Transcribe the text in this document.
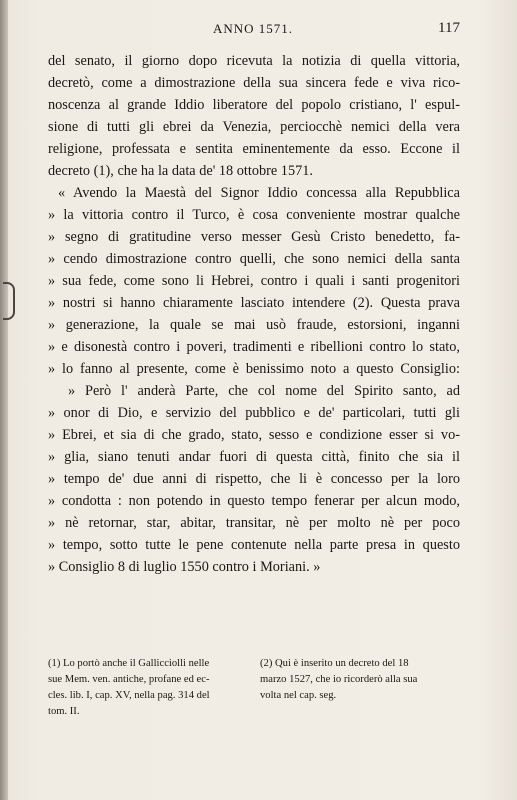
ANNO 1571.	117
del senato, il giorno dopo ricevuta la notizia di quella vittoria,
decretò, come a dimostrazione della sua sincera fede e viva rico-
noscenza al grande Iddio liberatore del popolo cristiano, l' espul-
sione di tutti gli ebrei da Venezia, perciocchè nemici della vera
religione, professata e sentita eminentemente da esso. Eccone il
decreto (1), che ha la data de' 18 ottobre 1571.
« Avendo la Maestà del Signor Iddio concessa alla Repubblica
» la vittoria contro il Turco, è cosa conveniente mostrar qualche
» segno di gratitudine verso messer Gesù Cristo benedetto, fa-
» cendo dimostrazione contro quelli, che sono nemici della santa
» sua fede, come sono li Hebrei, contro i quali i santi progenitori
» nostri si hanno chiaramente lasciato intendere (2). Questa prava
» generazione, la quale se mai usò fraude, estorsioni, inganni
» e disonestà contro i poveri, tradimenti e ribellioni contro lo stato,
» lo fanno al presente, come è benissimo noto a questo Consiglio:
» Però l' anderà Parte, che col nome del Spirito santo, ad
» onor di Dio, e servizio del pubblico e de' particolari, tutti gli
» Ebrei, et sia di che grado, stato, sesso e condizione esser si vo-
» glia, siano tenuti andar fuori di questa città, finito che sia il
» tempo de' due anni di rispetto, che li è concesso per la loro
» condotta : non potendo in questo tempo fenerar per alcun modo,
» nè retornar, star, abitar, transitar, nè per molto nè per poco
» tempo, sotto tutte le pene contenute nella parte presa in questo
» Consiglio 8 di luglio 1550 contro i Moriani. »
(1) Lo portò anche il Gallicciolli nelle
sue Mem. ven. antiche, profane ed ec-
cles. lib. I, cap. XV, nella pag. 314 del
tom. II.
(2) Qui è inserito un decreto del 18
marzo 1527, che io ricorderò alla sua
volta nel cap. seg.
